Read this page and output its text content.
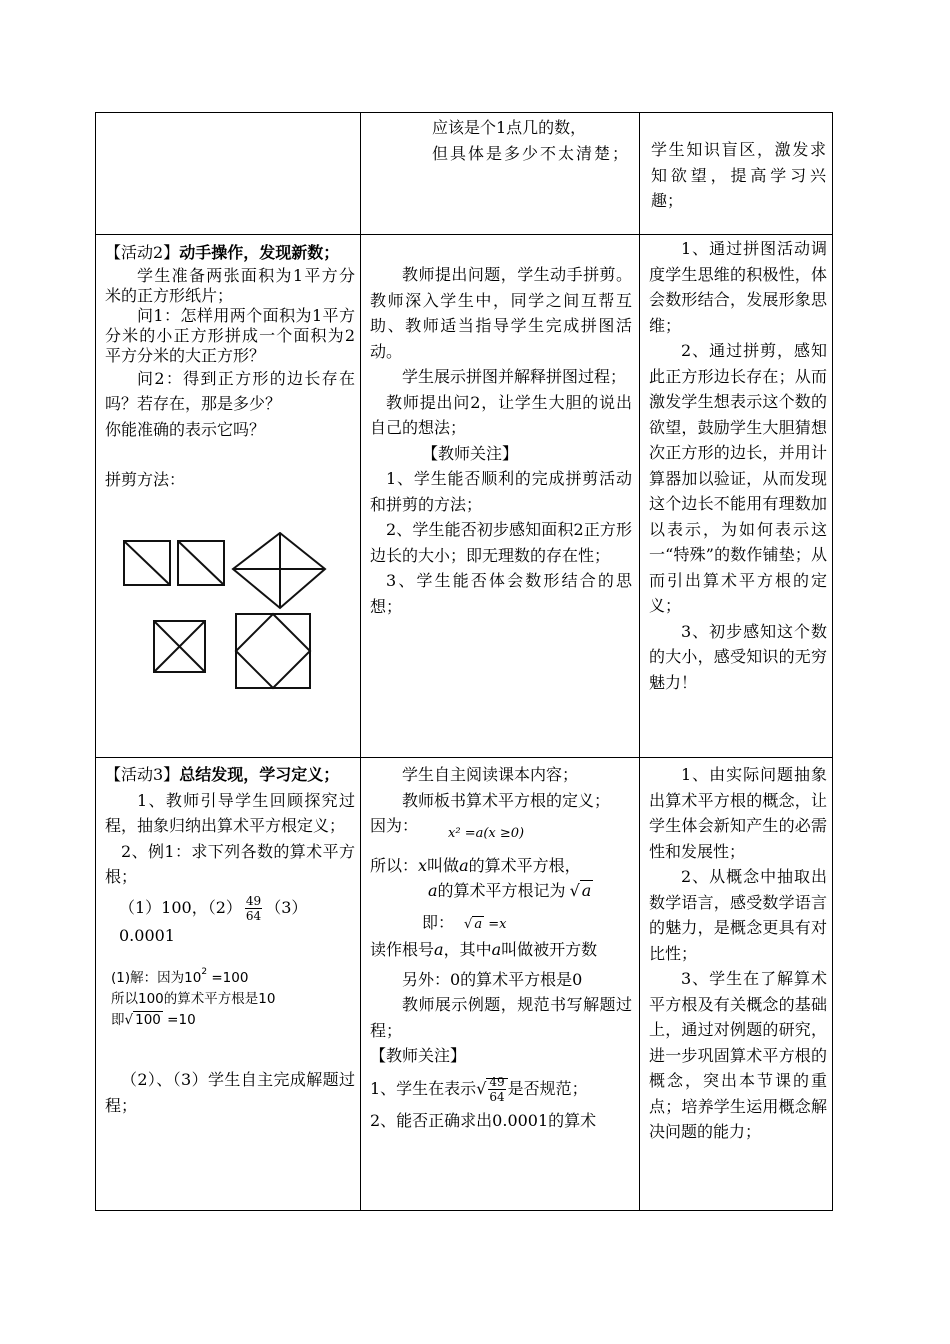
应该是个1点几的数，

但具体是多少不太清楚； 学生知识盲区，激发求知欲望，提高学习兴趣；

【活动2】动手操作，发现新数；

学生准备两张面积为1平方分米的正方形纸片；

问1：怎样用两个面积为1平方分米的小正方形拼成一个面积为2平方分米的大正方形？

问2：得到正方形的边长存在吗？若存在，那是多少？

你能准确的表示它吗？

拼剪方法：

教师提出问题，学生动手拼剪。教师深入学生中，同学之间互帮互助、教师适当指导学生完成拼图活动。

学生展示拼图并解释拼图过程；

教师提出问2，让学生大胆的说出自己的想法；

【教师关注】

1、学生能否顺利的完成拼剪活动和拼剪的方法；

2、学生能否初步感知面积2正方形边长的大小；即无理数的存在性；

3、学生能否体会数形结合的思想；

1、通过拼图活动调度学生思维的积极性，体会数形结合，发展形象思维；

2、通过拼剪，感知此正方形边长存在；从而激发学生想表示这个数的欲望，鼓励学生大胆猜想次正方形的边长，并用计算器加以验证，从而发现这个边长不能用有理数加以表示，为如何表示这一“特殊”的数作铺垫；从而引出算术平方根的定义；

3、初步感知这个数的大小，感受知识的无穷魅力！

【活动3】总结发现，学习定义；

1、教师引导学生回顾探究过程，抽象归纳出算术平方根定义；

2、例1：求下列各数的算术平方根；

（1）100，$(2) \frac{49}{64} (3)0.0001$

(1)解：因为$10^2 =100$

所以100的算术平方根是10

即√ 100 =10

（2）、（3）学生自主完成解题过程；

学生自主阅读课本内容；

教师板书算术平方根的定义；

因为： $_{x^2 =a(x \ge 0)}$

所以：x叫做a的算术平方根，

a的算术平方根记为 √ a

即： √ a =x

读作根号a，其中a叫做被开方数

另外：0的算术平方根是0

教师展示例题，规范书写解题过程；

【教师关注】

1、学生在表示√ $\frac{49}{64}$ 是否规范；

2、能否正确求出0.0001的算术

1、由实际问题抽象出算术平方根的概念，让学生体会新知产生的必需性和发展性；

2、从概念中抽取出数学语言，感受数学语言的魅力，是概念更具有对比性；

3、学生在了解算术平方根及有关概念的基础上，通过对例题的研究，进一步巩固算术平方根的概念，突出本节课的重点；培养学生运用概念解决问题的能力；
